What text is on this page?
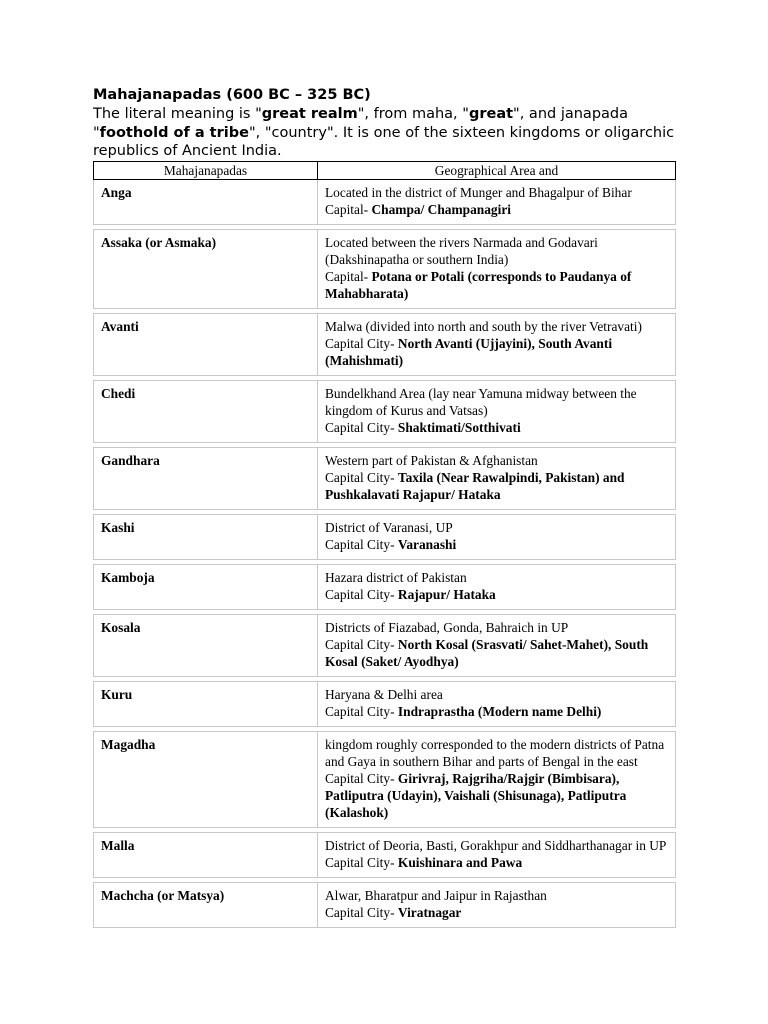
Mahajanapadas (600 BC – 325 BC)

The literal meaning is "great realm", from maha, "great", and janapada "foothold of a tribe", "country". It is one of the sixteen kingdoms or oligarchic republics of Ancient India.

Mahajanapadas	Geographical Area and
Anga	Located in the district of Munger and Bhagalpur of Bihar
Capital- Champa/ Champanagiri

Assaka (or Asmaka)	Located between the rivers Narmada and Godavari (Dakshinapatha or southern India)
Capital- Potana or Potali (corresponds to Paudanya of Mahabharata)

Avanti	Malwa (divided into north and south by the river Vetravati)
Capital City- North Avanti (Ujjayini), South Avanti (Mahishmati)

Chedi	Bundelkhand Area (lay near Yamuna midway between the kingdom of Kurus and Vatsas)
Capital City- Shaktimati/Sotthivati

Gandhara	Western part of Pakistan & Afghanistan
Capital City- Taxila (Near Rawalpindi, Pakistan) and Pushkalavati Rajapur/ Hataka

Kashi	District of Varanasi, UP
Capital City- Varanashi

Kamboja	Hazara district of Pakistan
Capital City- Rajapur/ Hataka

Kosala	Districts of Fiazabad, Gonda, Bahraich in UP
Capital City- North Kosal (Srasvati/ Sahet-Mahet), South Kosal (Saket/ Ayodhya)

Kuru	Haryana & Delhi area
Capital City- Indraprastha (Modern name Delhi)

Magadha	kingdom roughly corresponded to the modern districts of Patna and Gaya in southern Bihar and parts of Bengal in the east
Capital City- Girivraj, Rajgriha/Rajgir (Bimbisara), Patliputra (Udayin), Vaishali (Shisunaga), Patliputra (Kalashok)

Malla	District of Deoria, Basti, Gorakhpur and Siddharthanagar in UP
Capital City- Kuishinara and Pawa

Machcha (or Matsya)	Alwar, Bharatpur and Jaipur in Rajasthan
Capital City- Viratnagar
